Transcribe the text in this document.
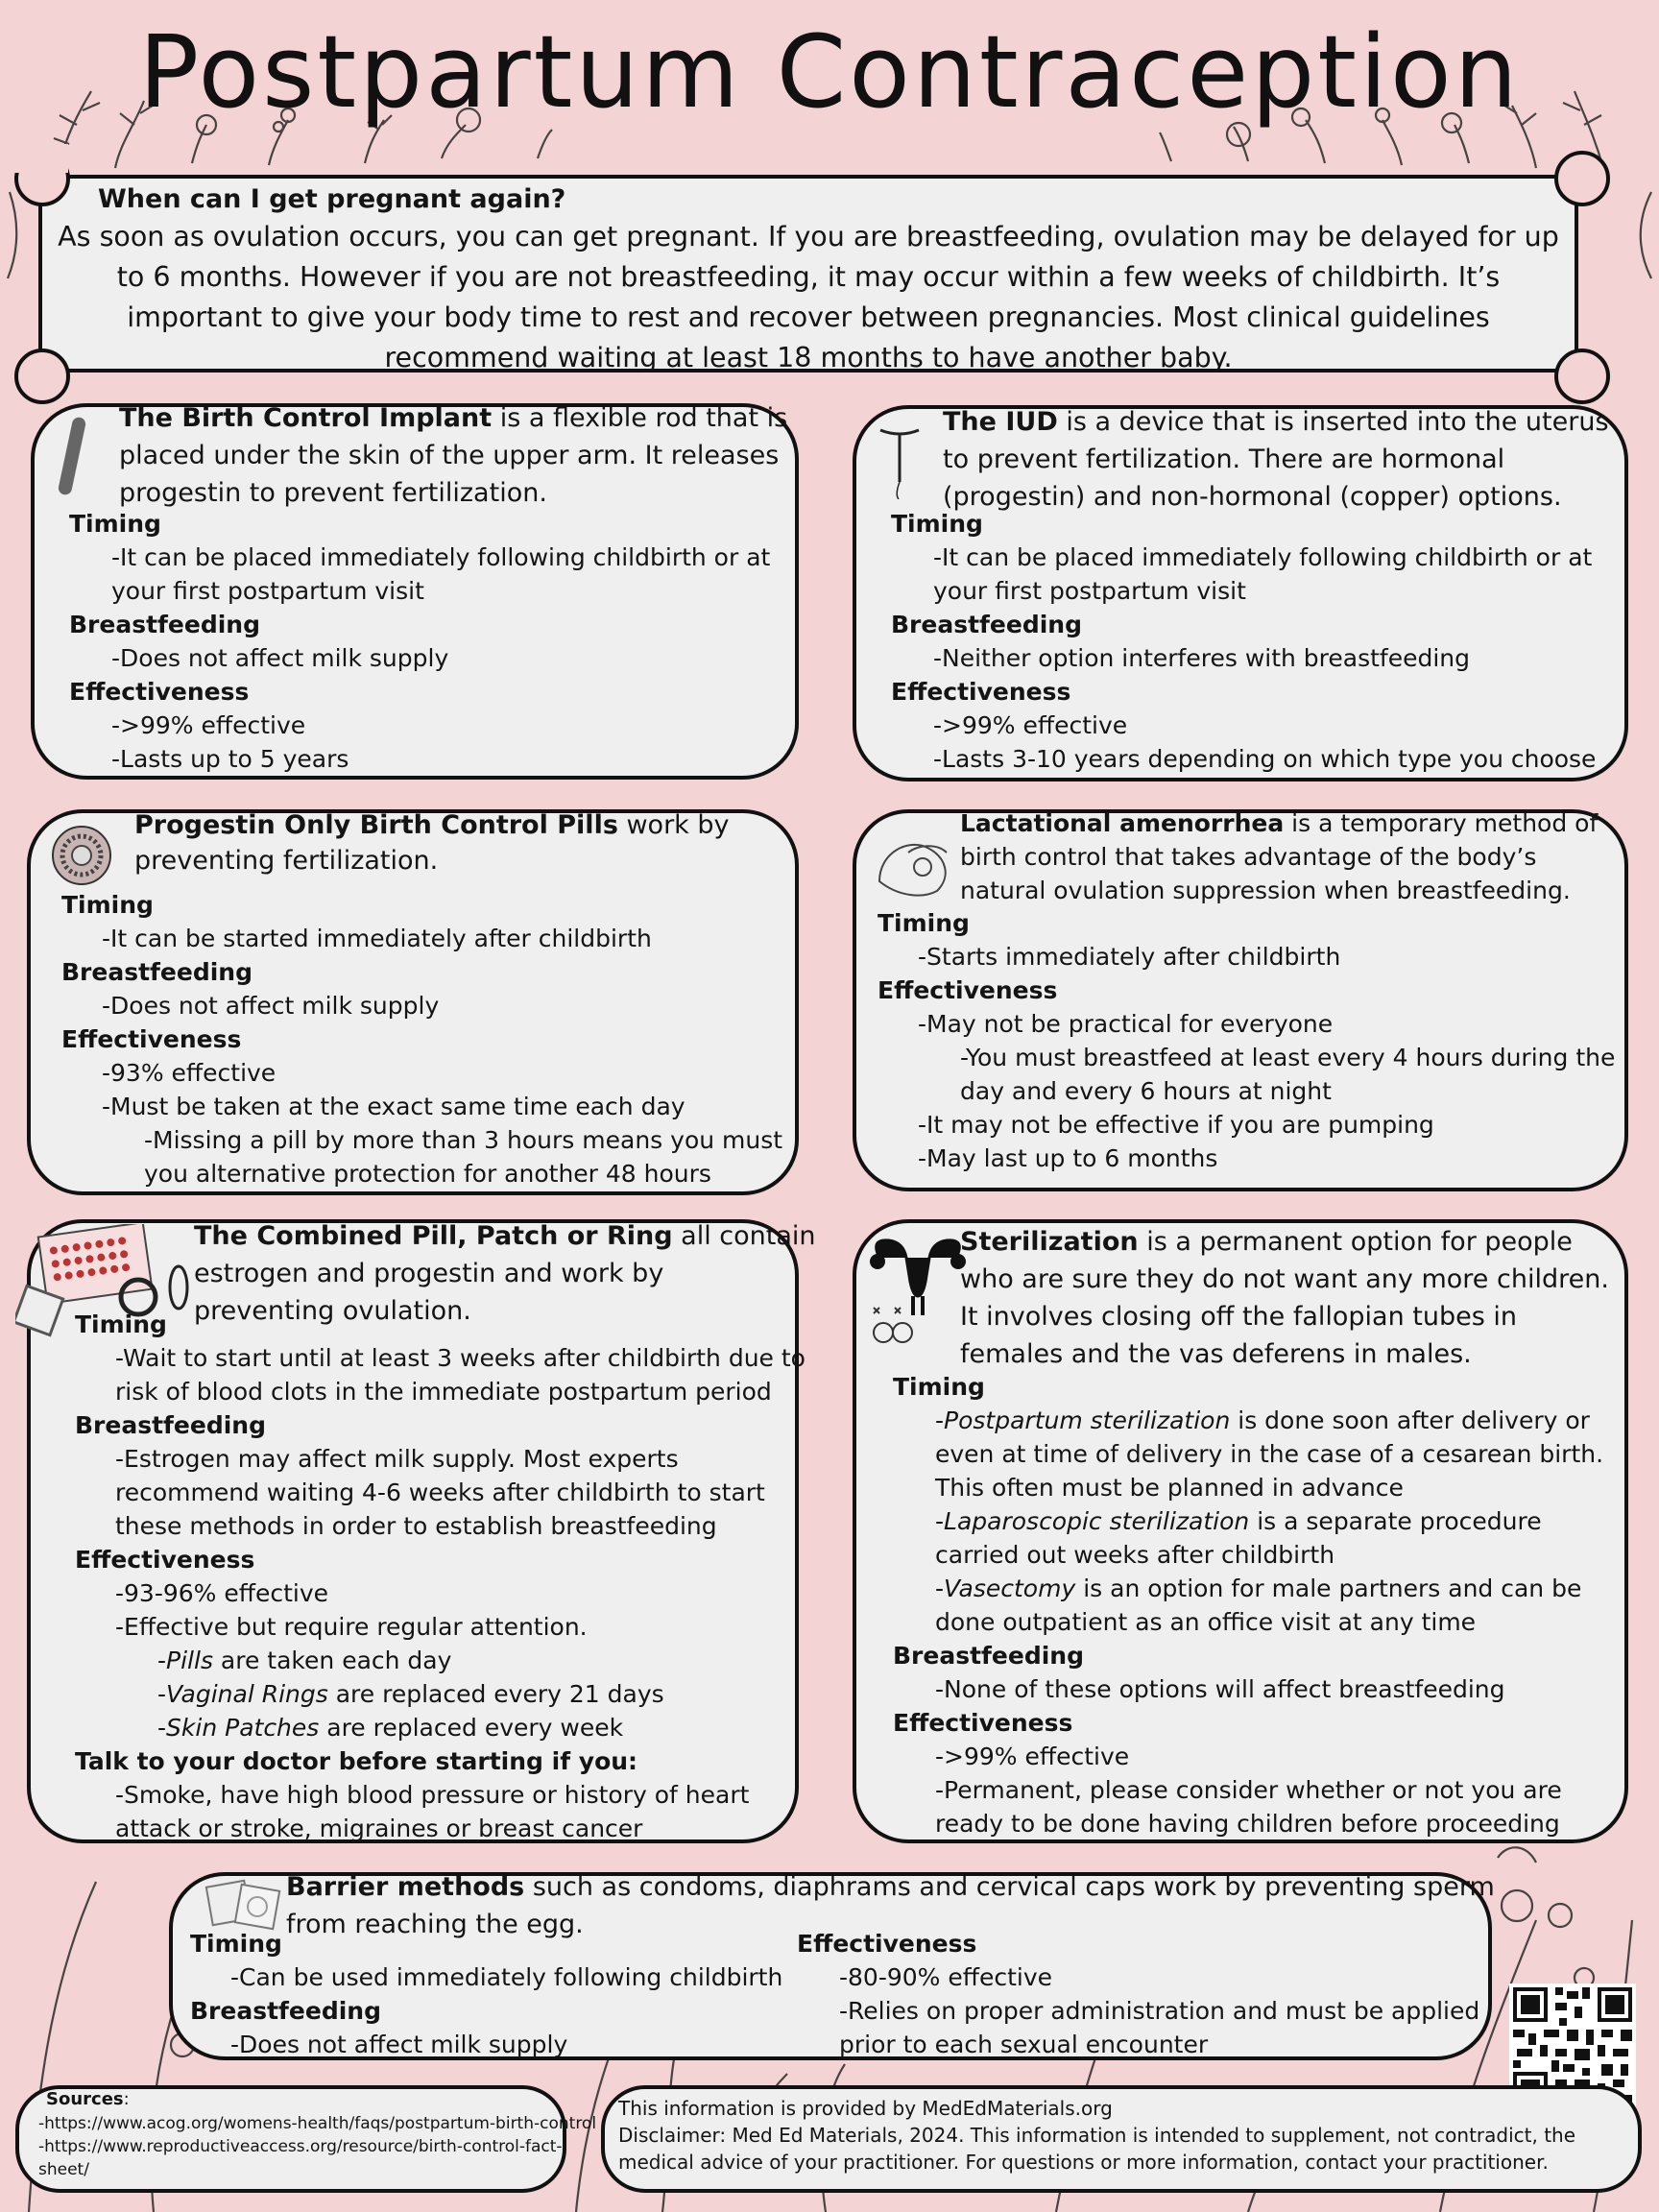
Postpartum Contraception
When can I get pregnant again?
As soon as ovulation occurs, you can get pregnant. If you are breastfeeding, ovulation may be delayed for up
to 6 months. However if you are not breastfeeding, it may occur within a few weeks of childbirth. It’s
important to give your body time to rest and recover between pregnancies. Most clinical guidelines
recommend waiting at least 18 months to have another baby.
The Birth Control Implant is a flexible rod that is
placed under the skin of the upper arm. It releases
progestin to prevent fertilization.
Timing
-It can be placed immediately following childbirth or at
your first postpartum visit
Breastfeeding
-Does not affect milk supply
Effectiveness
->99% effective
-Lasts up to 5 years
The IUD is a device that is inserted into the uterus
to prevent fertilization. There are hormonal
(progestin) and non-hormonal (copper) options.
Timing
-It can be placed immediately following childbirth or at
your first postpartum visit
Breastfeeding
-Neither option interferes with breastfeeding
Effectiveness
->99% effective
-Lasts 3-10 years depending on which type you choose
Progestin Only Birth Control Pills work by
preventing fertilization.
Timing
-It can be started immediately after childbirth
Breastfeeding
-Does not affect milk supply
Effectiveness
-93% effective
-Must be taken at the exact same time each day
-Missing a pill by more than 3 hours means you must
you alternative protection for another 48 hours
Lactational amenorrhea is a temporary method of
birth control that takes advantage of the body’s
natural ovulation suppression when breastfeeding.
Timing
-Starts immediately after childbirth
Effectiveness
-May not be practical for everyone
-You must breastfeed at least every 4 hours during the
day and every 6 hours at night
-It may not be effective if you are pumping
-May last up to 6 months
The Combined Pill, Patch or Ring all contain
estrogen and progestin and work by
preventing ovulation.
Timing
-Wait to start until at least 3 weeks after childbirth due to
risk of blood clots in the immediate postpartum period
Breastfeeding
-Estrogen may affect milk supply. Most experts
recommend waiting 4-6 weeks after childbirth to start
these methods in order to establish breastfeeding
Effectiveness
-93-96% effective
-Effective but require regular attention.
-Pills are taken each day
-Vaginal Rings are replaced every 21 days
-Skin Patches are replaced every week
Talk to your doctor before starting if you:
-Smoke, have high blood pressure or history of heart
attack or stroke, migraines or breast cancer
Sterilization is a permanent option for people
who are sure they do not want any more children.
It involves closing off the fallopian tubes in
females and the vas deferens in males.
Timing
-Postpartum sterilization is done soon after delivery or
even at time of delivery in the case of a cesarean birth.
This often must be planned in advance
-Laparoscopic sterilization is a separate procedure
carried out weeks after childbirth
-Vasectomy is an option for male partners and can be
done outpatient as an office visit at any time
Breastfeeding
-None of these options will affect breastfeeding
Effectiveness
->99% effective
-Permanent, please consider whether or not you are
ready to be done having children before proceeding
Barrier methods such as condoms, diaphrams and cervical caps work by preventing sperm
from reaching the egg.
Timing
-Can be used immediately following childbirth
Breastfeeding
-Does not affect milk supply
Effectiveness
-80-90% effective
-Relies on proper administration and must be applied
prior to each sexual encounter
Sources:
-https://www.acog.org/womens-health/faqs/postpartum-birth-control
-https://www.reproductiveaccess.org/resource/birth-control-fact-
sheet/
This information is provided by MedEdMaterials.org
Disclaimer: Med Ed Materials, 2024. This information is intended to supplement, not contradict, the
medical advice of your practitioner. For questions or more information, contact your practitioner.
